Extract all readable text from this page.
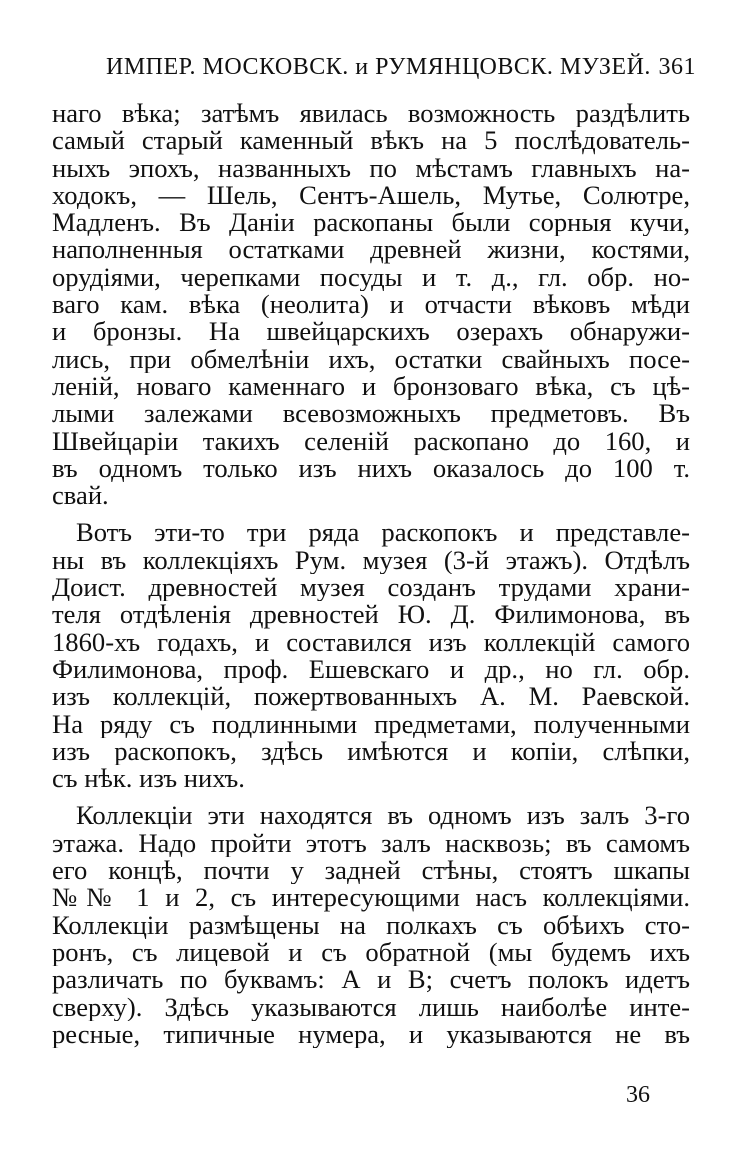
ИМПЕР. МОСКОВСК. и РУМЯНЦОВСК. МУЗЕЙ. 361

наго вѣка; затѣмъ явилась возможность раздѣлить
самый старый каменный вѣкъ на 5 послѣдователь-
ныхъ эпохъ, названныхъ по мѣстамъ главныхъ на-
ходокъ, — Шель, Сентъ-Ашель, Мутье, Солютре,
Мадленъ. Въ Даніи раскопаны были сорныя кучи,
наполненныя остатками древней жизни, костями,
орудіями, черепками посуды и т. д., гл. обр. но-
ваго кам. вѣка (неолита) и отчасти вѣковъ мѣди
и бронзы. На швейцарскихъ озерахъ обнаружи-
лись, при обмелѣніи ихъ, остатки свайныхъ посе-
леній, новаго каменнаго и бронзоваго вѣка, съ цѣ-
лыми залежами всевозможныхъ предметовъ. Въ
Швейцаріи такихъ селеній раскопано до 160, и
въ одномъ только изъ нихъ оказалось до 100 т.
свай.

Вотъ эти-то три ряда раскопокъ и представле-
ны въ коллекціяхъ Рум. музея (3-й этажъ). Отдѣлъ
Доист. древностей музея созданъ трудами храни-
теля отдѣленія древностей Ю. Д. Филимонова, въ
1860-хъ годахъ, и составился изъ коллекцій самого
Филимонова, проф. Ешевскаго и др., но гл. обр.
изъ коллекцій, пожертвованныхъ А. М. Раевской.
На ряду съ подлинными предметами, полученными
изъ раскопокъ, здѣсь имѣются и копіи, слѣпки,
съ нѣк. изъ нихъ.

Коллекціи эти находятся въ одномъ изъ залъ 3-го
этажа. Надо пройти этотъ залъ насквозь; въ самомъ
его концѣ, почти у задней стѣны, стоятъ шкапы
№№ 1 и 2, съ интересующими насъ коллекціями.
Коллекціи размѣщены на полкахъ съ обѣихъ сто-
ронъ, съ лицевой и съ обратной (мы будемъ ихъ
различать по буквамъ: А и В; счетъ полокъ идетъ
сверху). Здѣсь указываются лишь наиболѣе инте-
ресные, типичные нумера, и указываются не въ

36
